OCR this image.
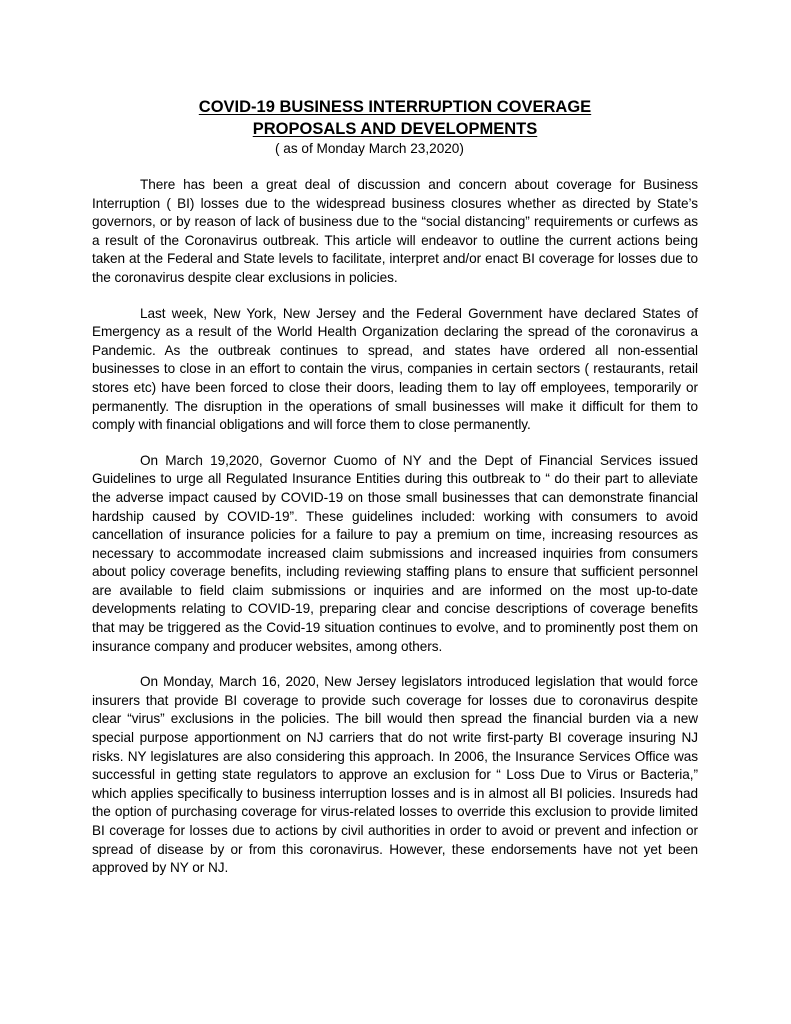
COVID-19 BUSINESS INTERRUPTION COVERAGE
PROPOSALS AND DEVELOPMENTS

( as of Monday March 23,2020)

There has been a great deal of discussion and concern about coverage for Business Interruption ( BI) losses due to the widespread business closures whether as directed by State’s governors, or by reason of lack of business due to the “social distancing” requirements or curfews as a result of the Coronavirus outbreak. This article will endeavor to outline the current actions being taken at the Federal and State levels to facilitate, interpret and/or enact BI coverage for losses due to the coronavirus despite clear exclusions in policies.

Last week, New York, New Jersey and the Federal Government have declared States of Emergency as a result of the World Health Organization declaring the spread of the coronavirus a Pandemic. As the outbreak continues to spread, and states have ordered all non-essential businesses to close in an effort to contain the virus, companies in certain sectors ( restaurants, retail stores etc) have been forced to close their doors, leading them to lay off employees, temporarily or permanently. The disruption in the operations of small businesses will make it difficult for them to comply with financial obligations and will force them to close permanently.

On March 19,2020, Governor Cuomo of NY and the Dept of Financial Services issued Guidelines to urge all Regulated Insurance Entities during this outbreak to “ do their part to alleviate the adverse impact caused by COVID-19 on those small businesses that can demonstrate financial hardship caused by COVID-19”. These guidelines included: working with consumers to avoid cancellation of insurance policies for a failure to pay a premium on time, increasing resources as necessary to accommodate increased claim submissions and increased inquiries from consumers about policy coverage benefits, including reviewing staffing plans to ensure that sufficient personnel are available to field claim submissions or inquiries and are informed on the most up-to-date developments relating to COVID-19, preparing clear and concise descriptions of coverage benefits that may be triggered as the Covid-19 situation continues to evolve, and to prominently post them on insurance company and producer websites, among others.

On Monday, March 16, 2020, New Jersey legislators introduced legislation that would force insurers that provide BI coverage to provide such coverage for losses due to coronavirus despite clear “virus” exclusions in the policies. The bill would then spread the financial burden via a new special purpose apportionment on NJ carriers that do not write first-party BI coverage insuring NJ risks. NY legislatures are also considering this approach. In 2006, the Insurance Services Office was successful in getting state regulators to approve an exclusion for “ Loss Due to Virus or Bacteria,” which applies specifically to business interruption losses and is in almost all BI policies. Insureds had the option of purchasing coverage for virus-related losses to override this exclusion to provide limited BI coverage for losses due to actions by civil authorities in order to avoid or prevent and infection or spread of disease by or from this coronavirus. However, these endorsements have not yet been approved by NY or NJ.
